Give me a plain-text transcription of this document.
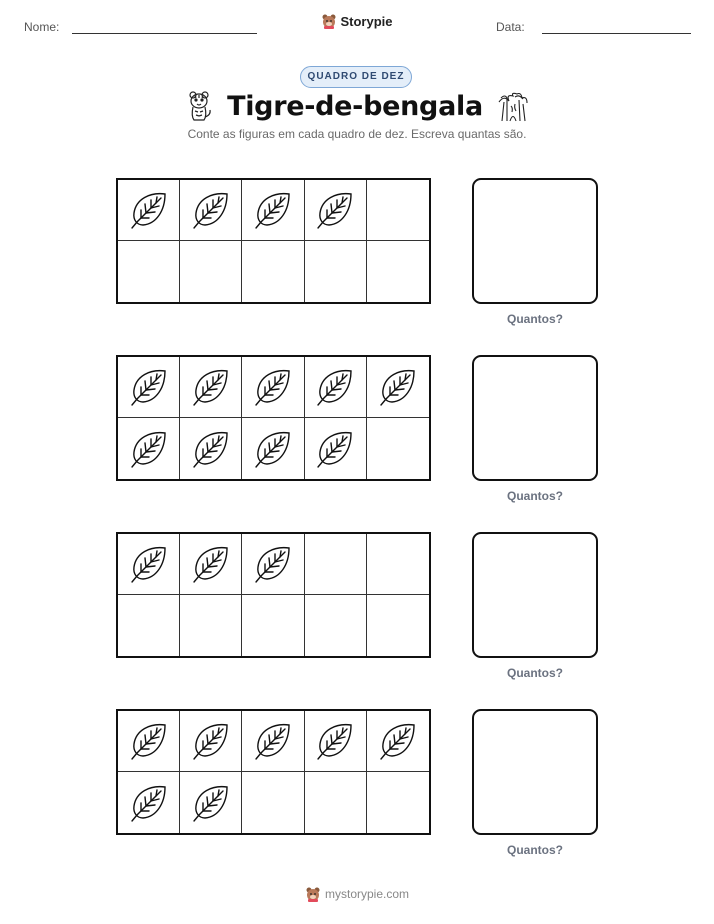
Nome:	Storypie	Data:
QUADRO DE DEZ
Tigre-de-bengala
Conte as figuras em cada quadro de dez. Escreva quantas são.
Quantos?
Quantos?
Quantos?
Quantos?
mystorypie.com
